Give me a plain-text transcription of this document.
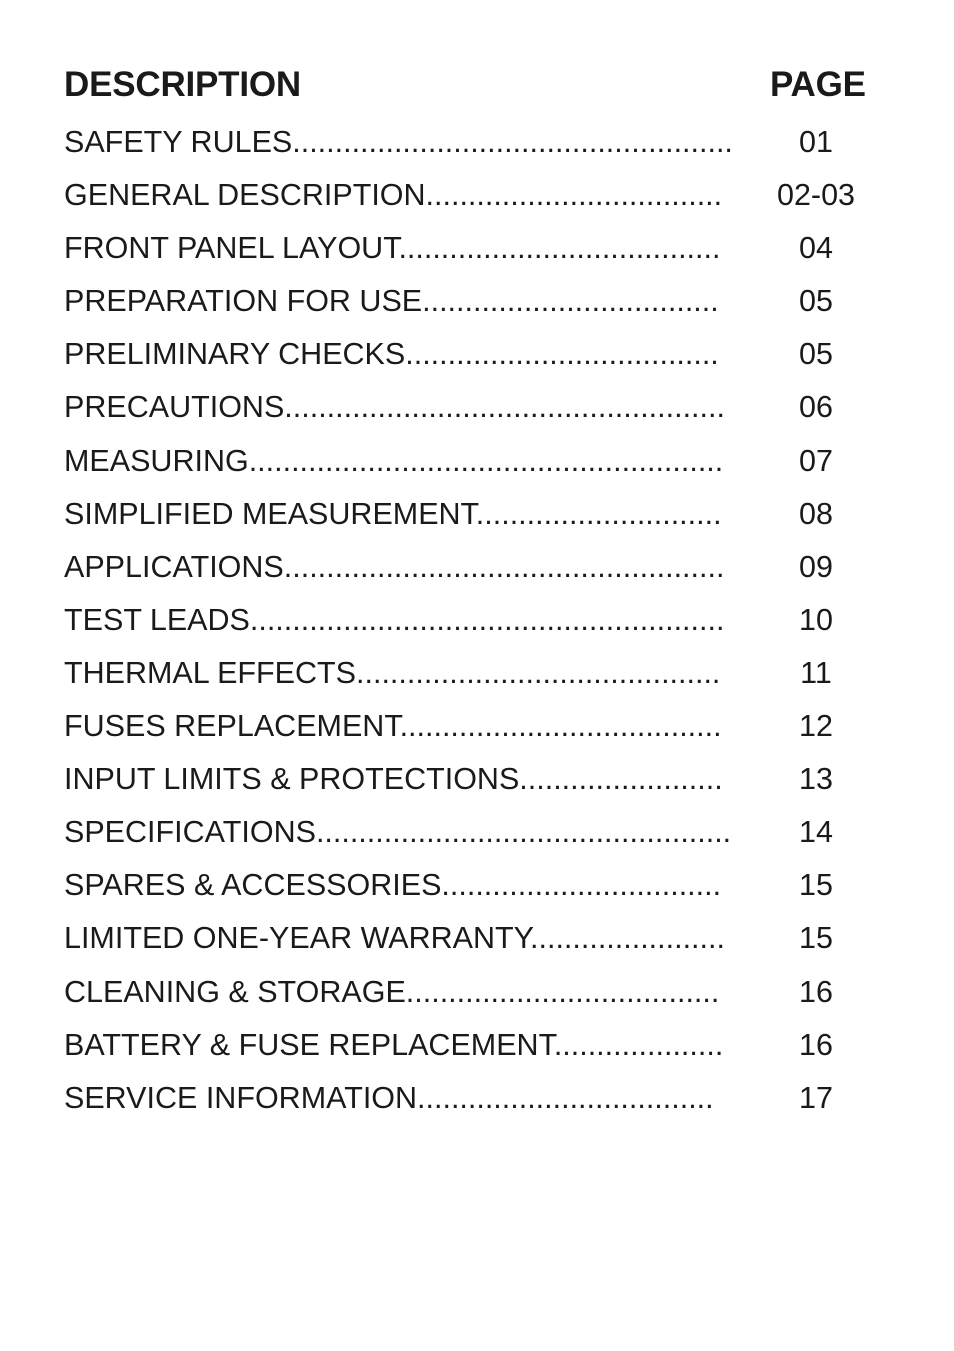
DESCRIPTION	PAGE
SAFETY RULES....................................................	01
GENERAL DESCRIPTION................................... 02-03
FRONT PANEL LAYOUT......................................	04
PREPARATION FOR USE...................................	05
PRELIMINARY CHECKS.....................................	05
PRECAUTIONS....................................................	06
MEASURING........................................................	07
SIMPLIFIED MEASUREMENT.............................	08
APPLICATIONS....................................................	09
TEST LEADS........................................................	10
THERMAL EFFECTS...........................................	11
FUSES REPLACEMENT......................................	12
INPUT LIMITS & PROTECTIONS........................	13
SPECIFICATIONS.................................................	14
SPARES & ACCESSORIES.................................	15
LIMITED ONE-YEAR WARRANTY.......................	15
CLEANING & STORAGE.....................................	16
BATTERY & FUSE REPLACEMENT....................	16
SERVICE INFORMATION...................................	17
